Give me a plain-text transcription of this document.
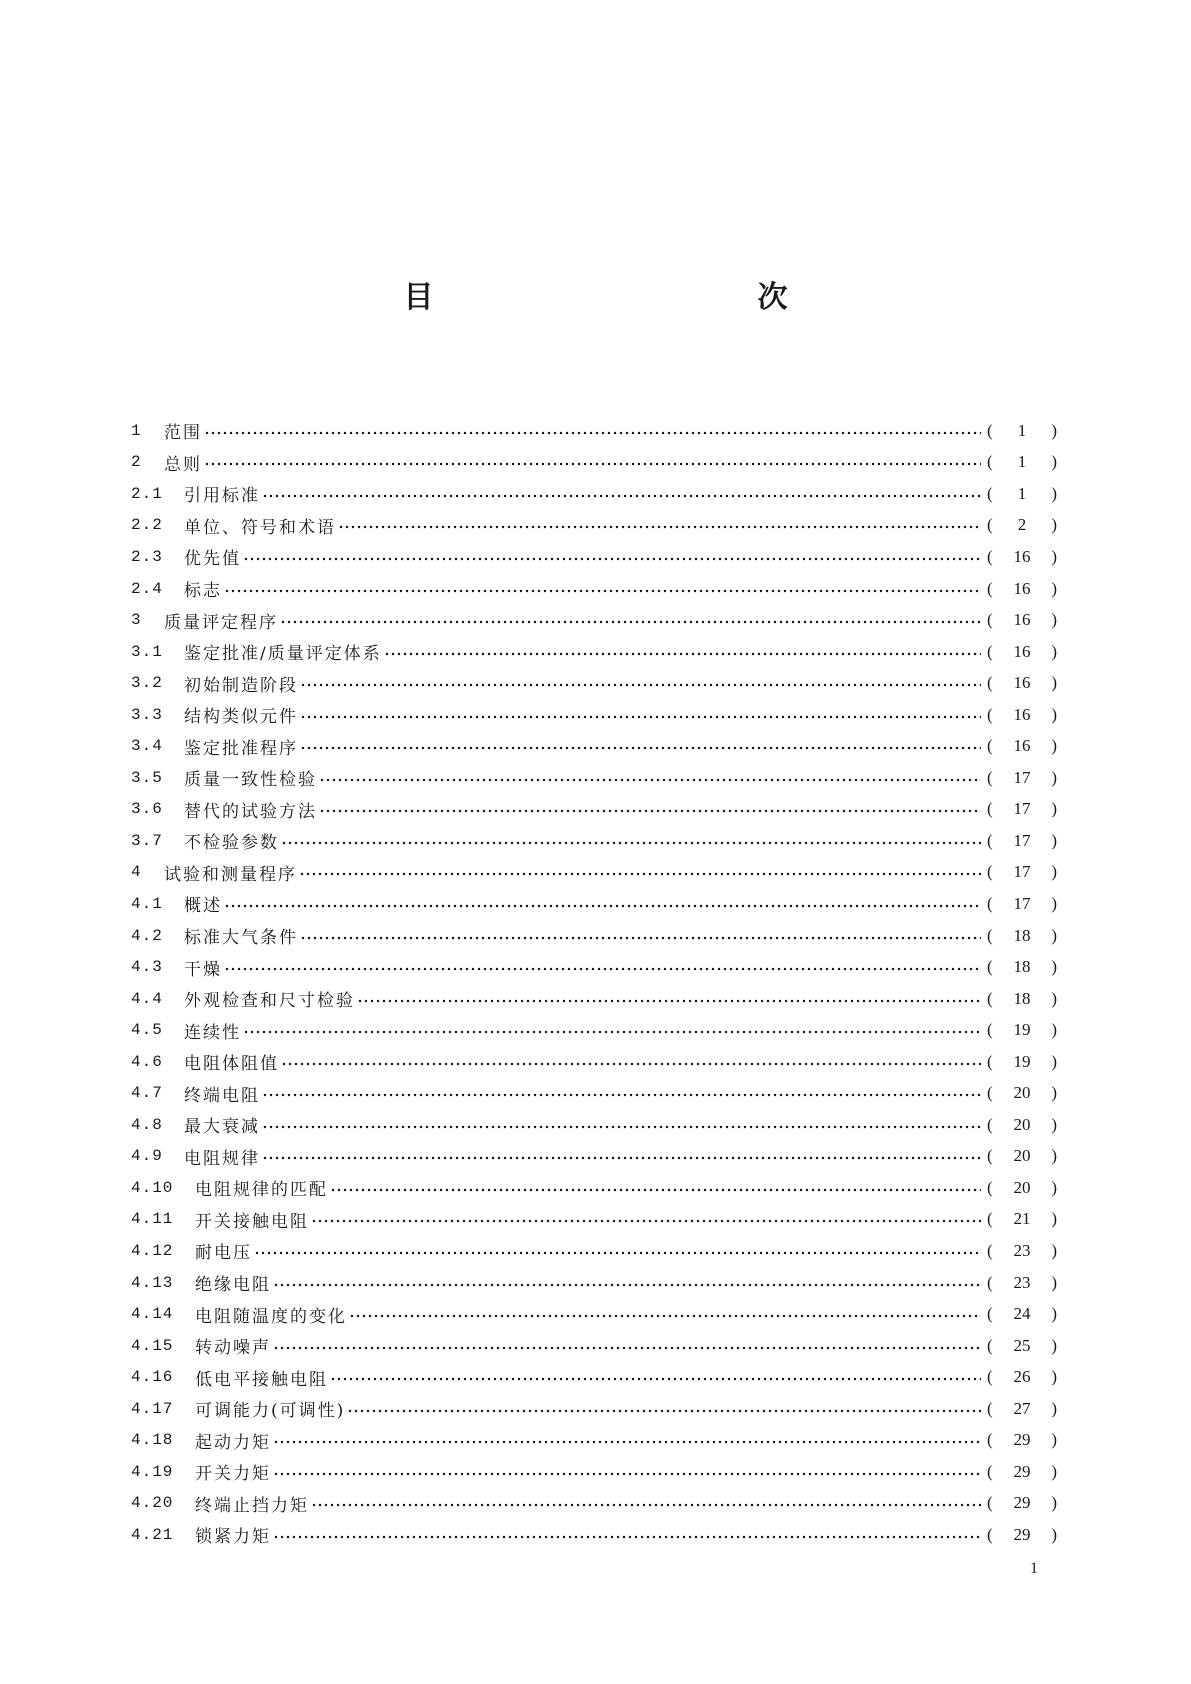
目　　次
1	范围	(	1	)
2	总则	(	1	)
2.1	引用标准	(	1	)
2.2	单位、符号和术语	(	2	)
2.3	优先值	(	16	)
2.4	标志	(	16	)
3	质量评定程序	(	16	)
3.1	鉴定批准/质量评定体系	(	16	)
3.2	初始制造阶段	(	16	)
3.3	结构类似元件	(	16	)
3.4	鉴定批准程序	(	16	)
3.5	质量一致性检验	(	17	)
3.6	替代的试验方法	(	17	)
3.7	不检验参数	(	17	)
4	试验和测量程序	(	17	)
4.1	概述	(	17	)
4.2	标准大气条件	(	18	)
4.3	干燥	(	18	)
4.4	外观检查和尺寸检验	(	18	)
4.5	连续性	(	19	)
4.6	电阻体阻值	(	19	)
4.7	终端电阻	(	20	)
4.8	最大衰减	(	20	)
4.9	电阻规律	(	20	)
4.10	电阻规律的匹配	(	20	)
4.11	开关接触电阻	(	21	)
4.12	耐电压	(	23	)
4.13	绝缘电阻	(	23	)
4.14	电阻随温度的变化	(	24	)
4.15	转动噪声	(	25	)
4.16	低电平接触电阻	(	26	)
4.17	可调能力(可调性)	(	27	)
4.18	起动力矩	(	29	)
4.19	开关力矩	(	29	)
4.20	终端止挡力矩	(	29	)
4.21	锁紧力矩	(	29	)
1
